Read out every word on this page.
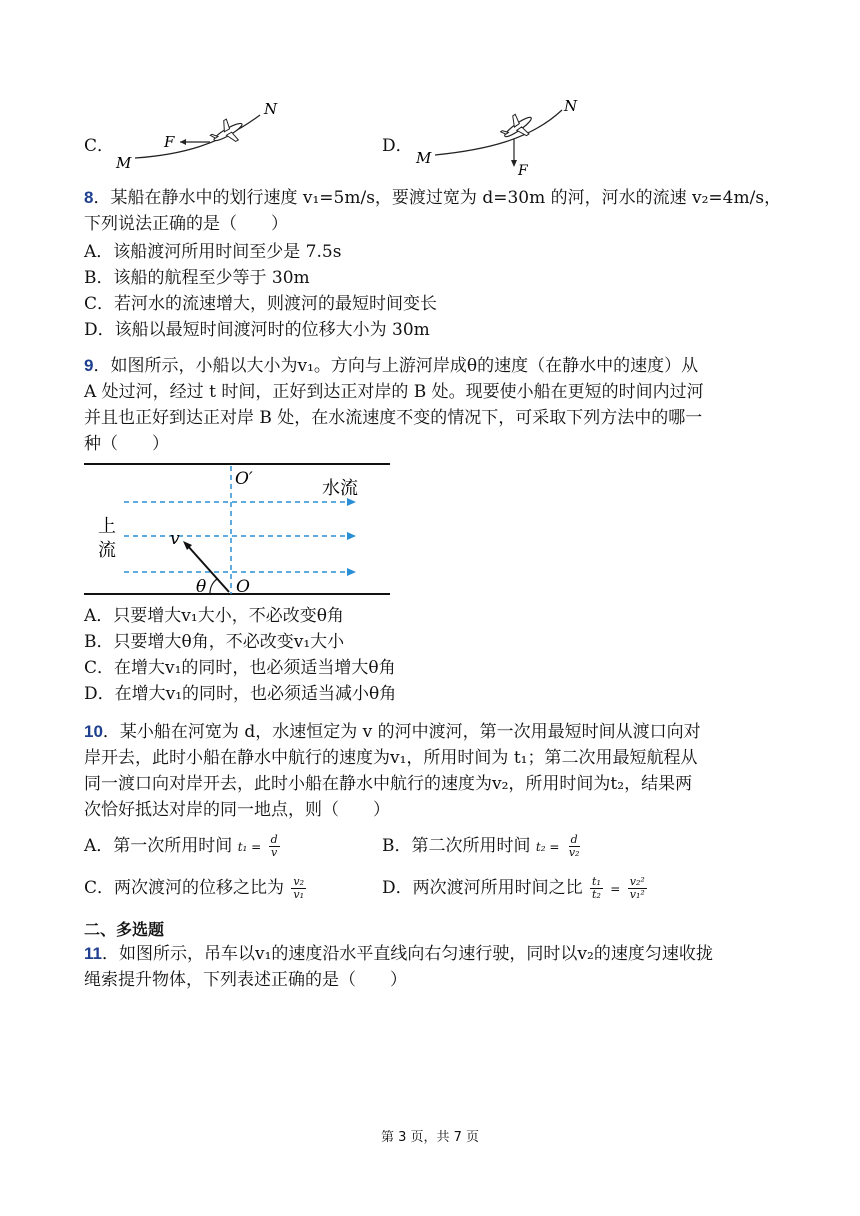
C．
N
M
F	D．
N
M
F
8．某船在静水中的划行速度 v₁=5m/s，要渡过宽为 d=30m 的河，河水的流速 v₂=4m/s，
下列说法正确的是（　　）
A．该船渡河所用时间至少是 7.5s
B．该船的航程至少等于 30m
C．若河水的流速增大，则渡河的最短时间变长
D．该船以最短时间渡河时的位移大小为 30m
9．如图所示，小船以大小为v₁。方向与上游河岸成θ的速度（在静水中的速度）从
A 处过河，经过 t 时间，正好到达正对岸的 B 处。现要使小船在更短的时间内过河
并且也正好到达正对岸 B 处，在水流速度不变的情况下，可采取下列方法中的哪一
种（　　）
O′	水流
上
流
v
θ O
A．只要增大v₁大小，不必改变θ角
B．只要增大θ角，不必改变v₁大小
C．在增大v₁的同时，也必须适当增大θ角
D．在增大v₁的同时，也必须适当减小θ角
10．某小船在河宽为 d，水速恒定为 v 的河中渡河，第一次用最短时间从渡口向对
岸开去，此时小船在静水中航行的速度为v₁，所用时间为 t₁；第二次用最短航程从
同一渡口向对岸开去，此时小船在静水中航行的速度为v₂，所用时间为t₂，结果两
次恰好抵达对岸的同一地点，则（　　）
A．第一次所用时间 $t_1 = \frac{d}{v}$	B．第二次所用时间 $t_2 = \frac{d}{\text{v₂}}$
C．两次渡河的位移之比为 $\frac{\text{v₂}}{\text{v₁}}$	D．两次渡河所用时间之比 $\frac{\text{t₁}}{\text{t₂}} = \frac{\text{v₂²}}{\text{v₁²}}$
二、多选题
11．如图所示，吊车以v₁的速度沿水平直线向右匀速行驶，同时以v₂的速度匀速收拢
绳索提升物体，下列表述正确的是（　　）
第 3 页，共 7 页
